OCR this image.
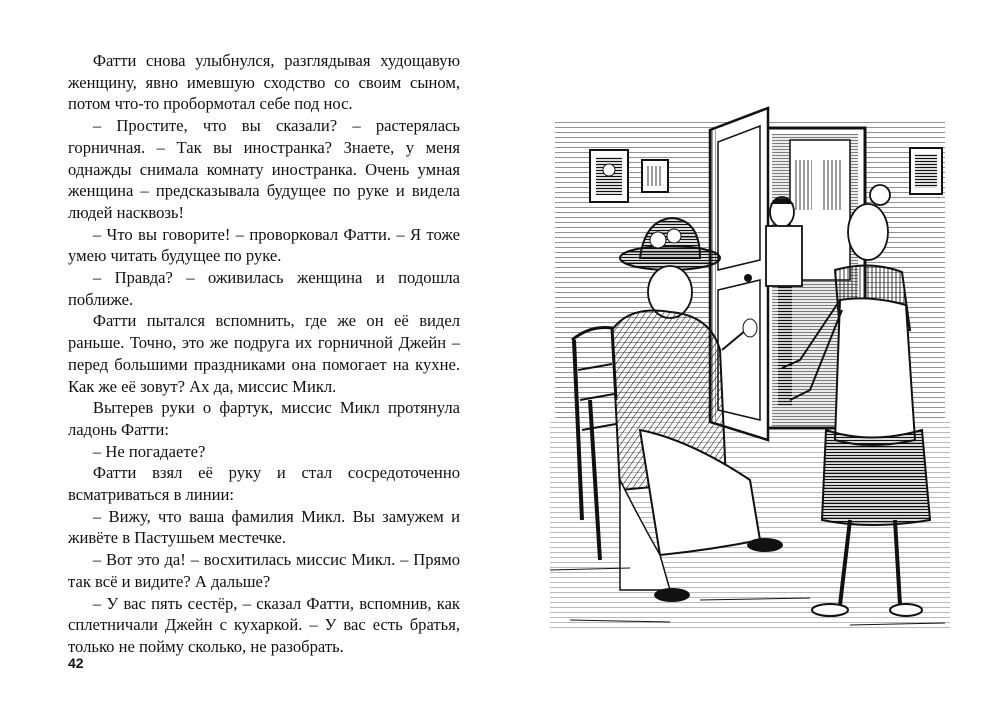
Фатти снова улыбнулся, разглядывая худощавую женщину, явно имевшую сходство со своим сыном, потом что-то пробормотал себе под нос.

– Простите, что вы сказали? – растерялась горничная. – Так вы иностранка? Знаете, у меня однажды снимала комнату иностранка. Очень умная женщина – предсказывала будущее по руке и видела людей насквозь!

– Что вы говорите! – проворковал Фатти. – Я тоже умею читать будущее по руке.

– Правда? – оживилась женщина и подошла поближе.

Фатти пытался вспомнить, где же он её видел раньше. Точно, это же подруга их горничной Джейн – перед большими праздниками она помогает на кухне. Как же её зовут? Ах да, миссис Микл.

Вытерев руки о фартук, миссис Микл протянула ладонь Фатти:

– Не погадаете?

Фатти взял её руку и стал сосредоточенно всматриваться в линии:

– Вижу, что ваша фамилия Микл. Вы замужем и живёте в Пастушьем местечке.

– Вот это да! – восхитилась миссис Микл. – Прямо так всё и видите? А дальше?

– У вас пять сестёр, – сказал Фатти, вспомнив, как сплетничали Джейн с кухаркой. – У вас есть братья, только не пойму сколько, не разобрать.

42
